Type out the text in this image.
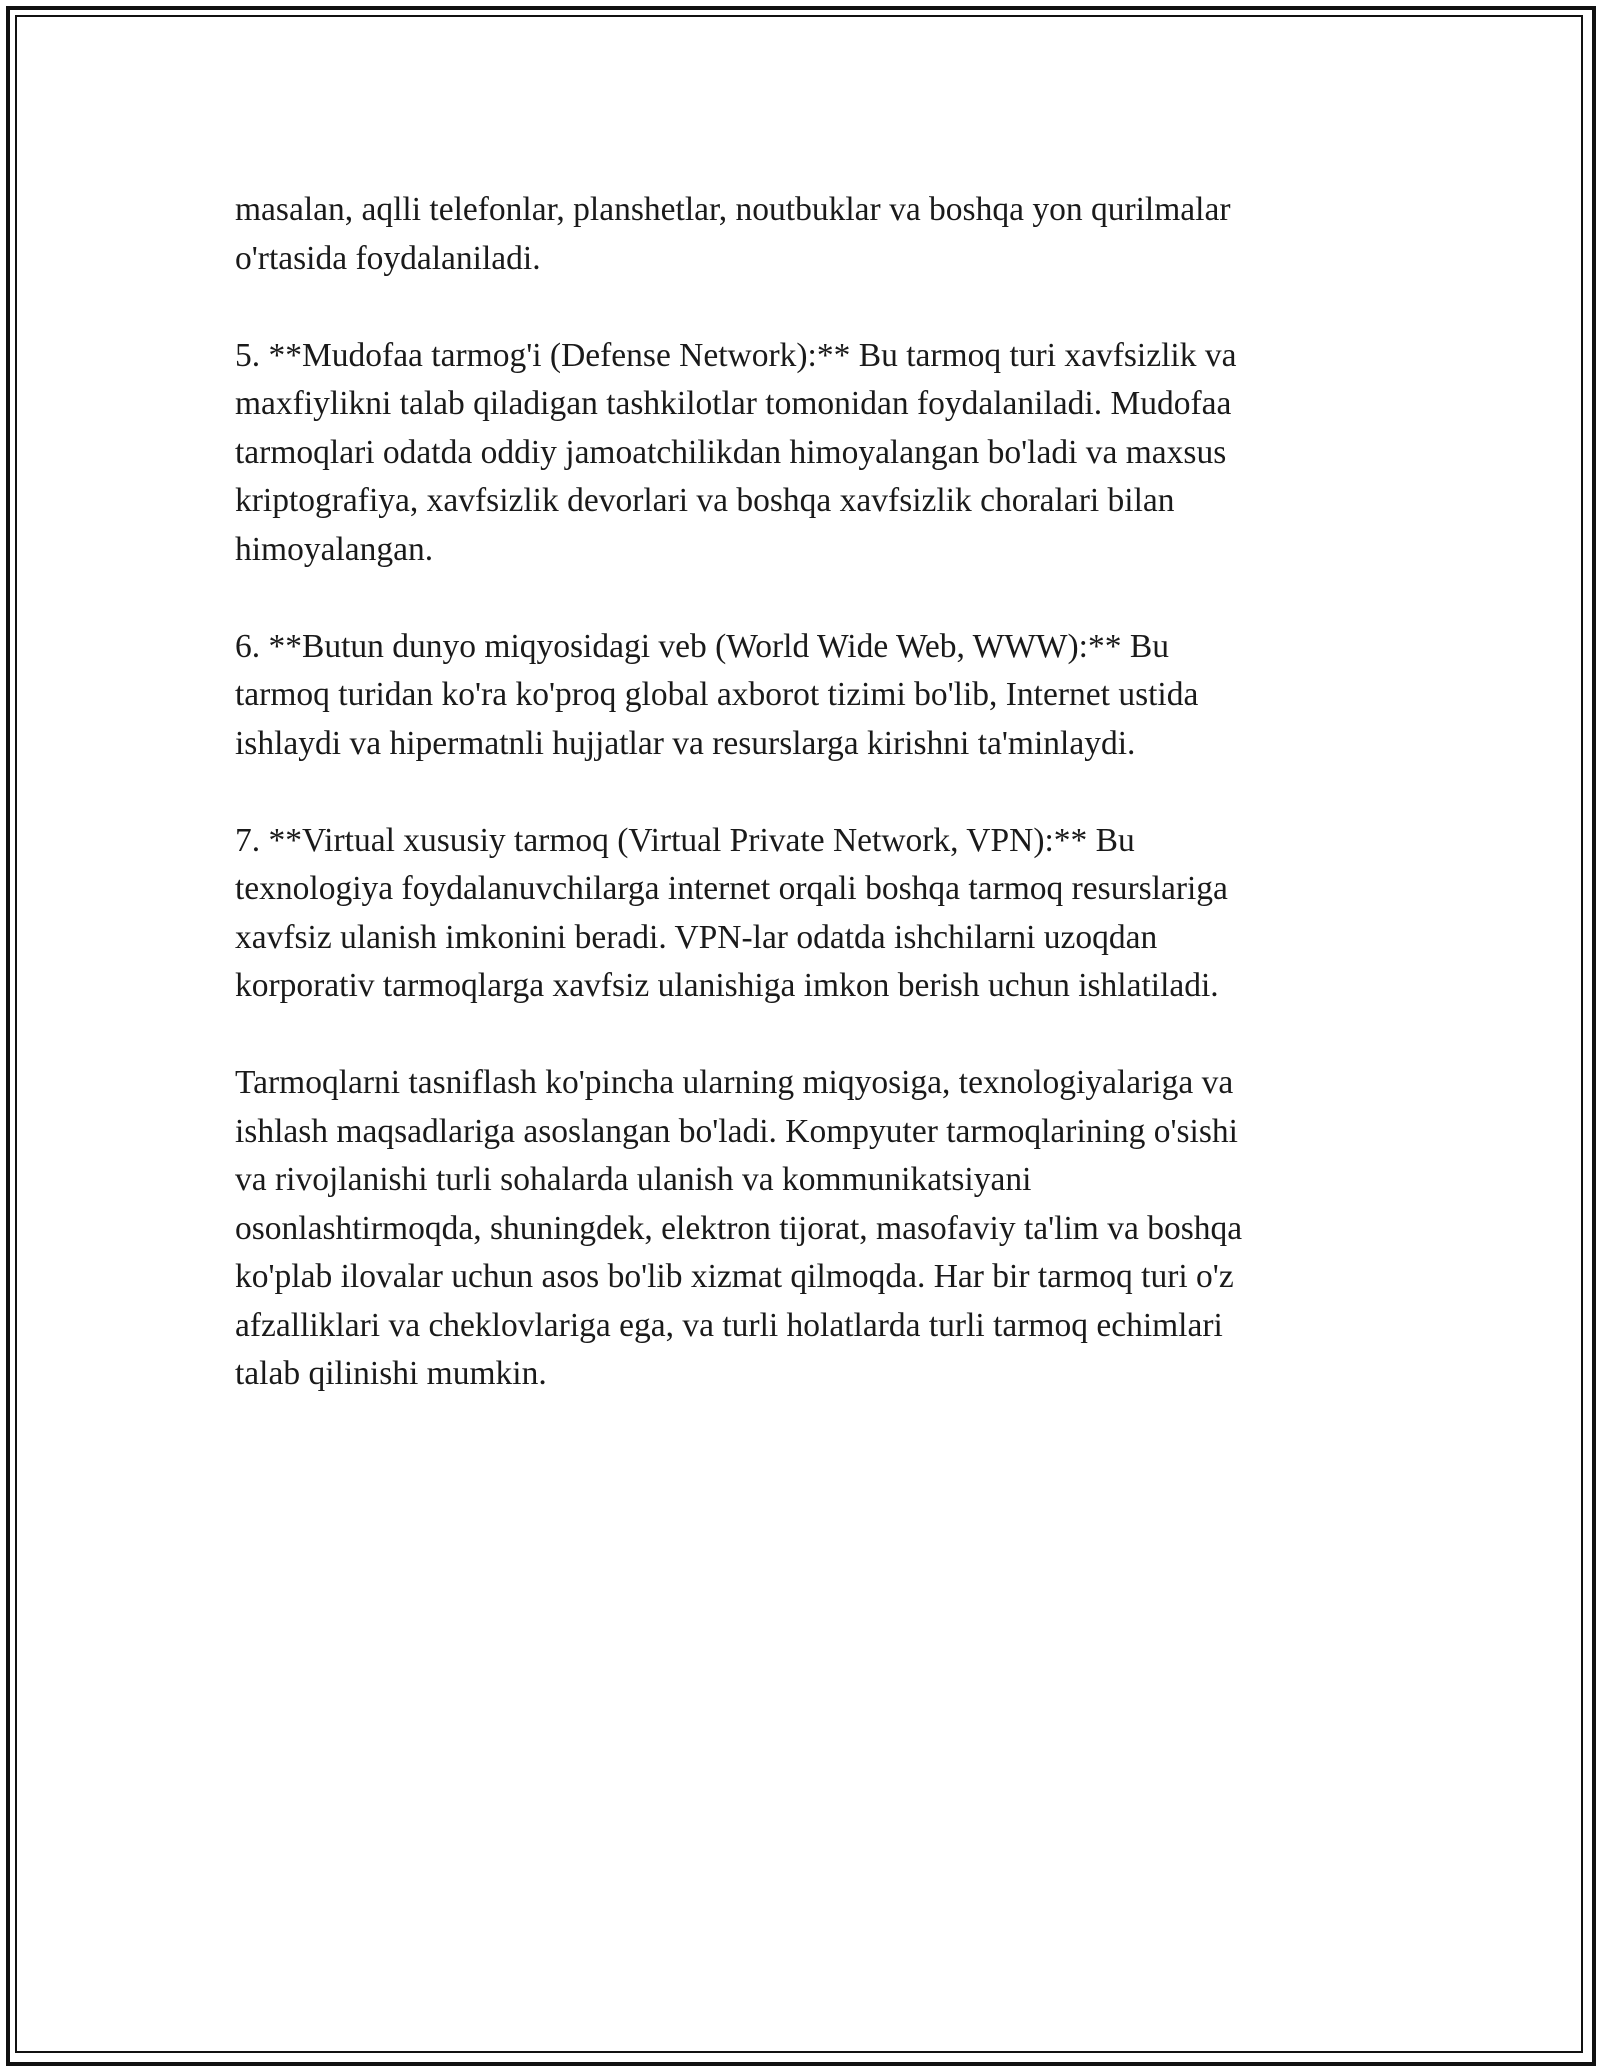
masalan, aqlli telefonlar, planshetlar, noutbuklar va boshqa yon qurilmalar
o'rtasida foydalaniladi.

5. **Mudofaa tarmog'i (Defense Network):** Bu tarmoq turi xavfsizlik va
maxfiylikni talab qiladigan tashkilotlar tomonidan foydalaniladi. Mudofaa
tarmoqlari odatda oddiy jamoatchilikdan himoyalangan bo'ladi va maxsus
kriptografiya, xavfsizlik devorlari va boshqa xavfsizlik choralari bilan
himoyalangan.

6. **Butun dunyo miqyosidagi veb (World Wide Web, WWW):** Bu
tarmoq turidan ko'ra ko'proq global axborot tizimi bo'lib, Internet ustida
ishlaydi va hipermatnli hujjatlar va resurslarga kirishni ta'minlaydi.

7. **Virtual xususiy tarmoq (Virtual Private Network, VPN):** Bu
texnologiya foydalanuvchilarga internet orqali boshqa tarmoq resurslariga
xavfsiz ulanish imkonini beradi. VPN-lar odatda ishchilarni uzoqdan
korporativ tarmoqlarga xavfsiz ulanishiga imkon berish uchun ishlatiladi.

Tarmoqlarni tasniflash ko'pincha ularning miqyosiga, texnologiyalariga va
ishlash maqsadlariga asoslangan bo'ladi. Kompyuter tarmoqlarining o'sishi
va rivojlanishi turli sohalarda ulanish va kommunikatsiyani
osonlashtirmoqda, shuningdek, elektron tijorat, masofaviy ta'lim va boshqa
ko'plab ilovalar uchun asos bo'lib xizmat qilmoqda. Har bir tarmoq turi o'z
afzalliklari va cheklovlariga ega, va turli holatlarda turli tarmoq echimlari
talab qilinishi mumkin.
